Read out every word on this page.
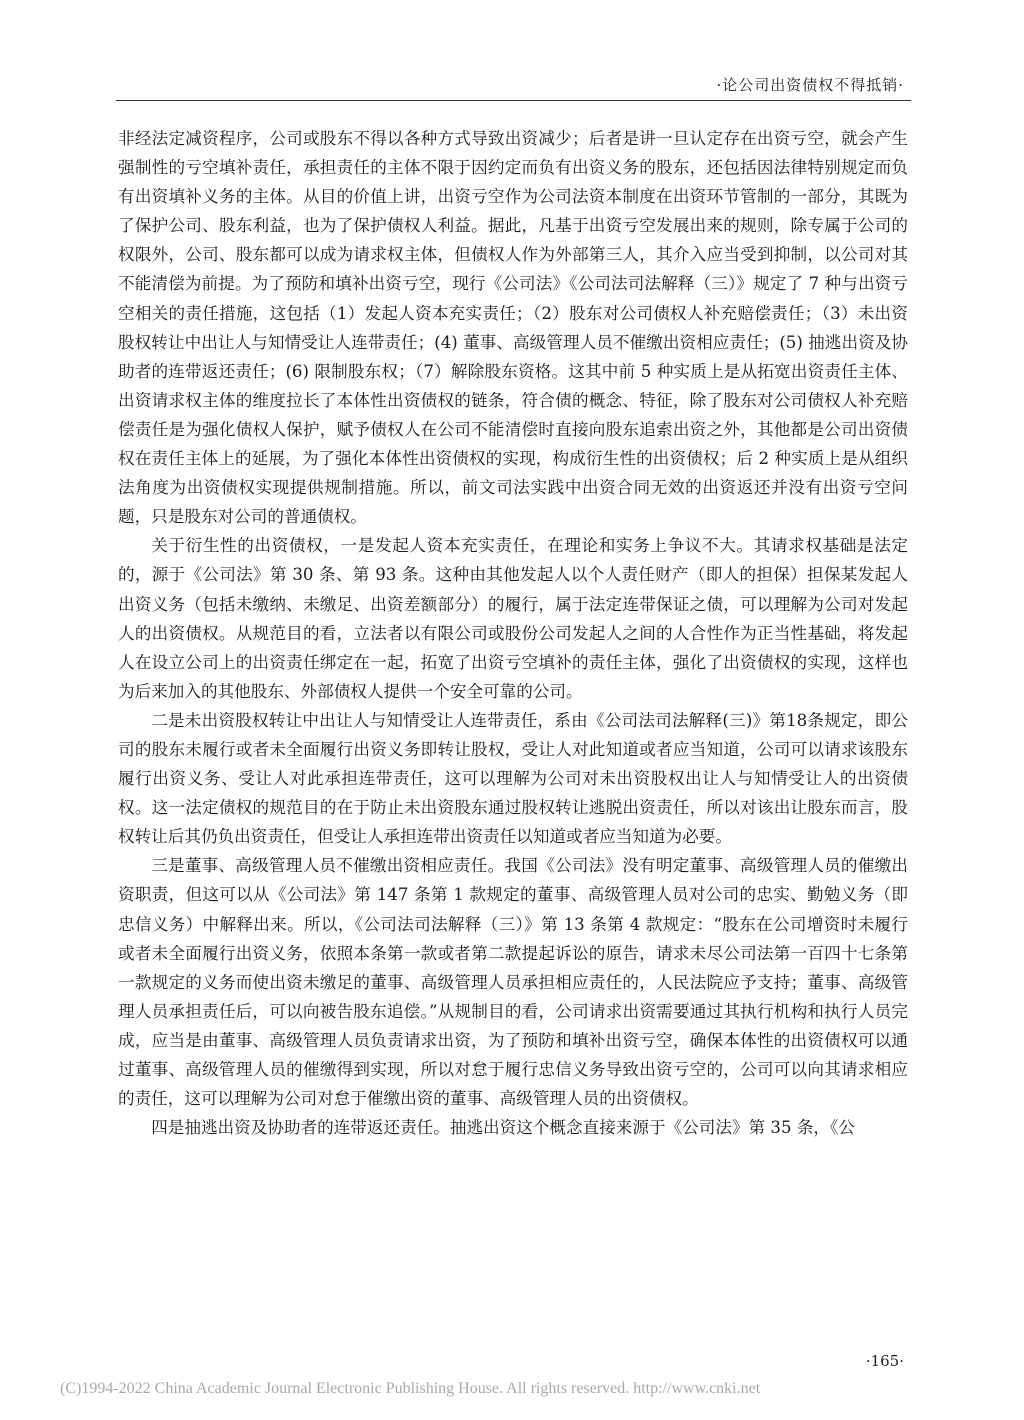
·论公司出资债权不得抵销·

非经法定减资程序，公司或股东不得以各种方式导致出资减少；后者是讲一旦认定存在出资亏空，就会产生强制性的亏空填补责任，承担责任的主体不限于因约定而负有出资义务的股东，还包括因法律特别规定而负有出资填补义务的主体。从目的价值上讲，出资亏空作为公司法资本制度在出资环节管制的一部分，其既为了保护公司、股东利益，也为了保护债权人利益。据此，凡基于出资亏空发展出来的规则，除专属于公司的权限外，公司、股东都可以成为请求权主体，但债权人作为外部第三人，其介入应当受到抑制，以公司对其不能清偿为前提。为了预防和填补出资亏空，现行《公司法》《公司法司法解释（三）》规定了 7 种与出资亏空相关的责任措施，这包括（1）发起人资本充实责任；（2）股东对公司债权人补充赔偿责任；（3）未出资股权转让中出让人与知情受让人连带责任；(4) 董事、高级管理人员不催缴出资相应责任；(5) 抽逃出资及协助者的连带返还责任；(6) 限制股东权；（7）解除股东资格。这其中前 5 种实质上是从拓宽出资责任主体、出资请求权主体的维度拉长了本体性出资债权的链条，符合债的概念、特征，除了股东对公司债权人补充赔偿责任是为强化债权人保护，赋予债权人在公司不能清偿时直接向股东追索出资之外，其他都是公司出资债权在责任主体上的延展，为了强化本体性出资债权的实现，构成衍生性的出资债权；后 2 种实质上是从组织法角度为出资债权实现提供规制措施。所以，前文司法实践中出资合同无效的出资返还并没有出资亏空问题，只是股东对公司的普通债权。

关于衍生性的出资债权，一是发起人资本充实责任，在理论和实务上争议不大。其请求权基础是法定的，源于《公司法》第 30 条、第 93 条。这种由其他发起人以个人责任财产（即人的担保）担保某发起人出资义务（包括未缴纳、未缴足、出资差额部分）的履行，属于法定连带保证之债，可以理解为公司对发起人的出资债权。从规范目的看，立法者以有限公司或股份公司发起人之间的人合性作为正当性基础，将发起人在设立公司上的出资责任绑定在一起，拓宽了出资亏空填补的责任主体，强化了出资债权的实现，这样也为后来加入的其他股东、外部债权人提供一个安全可靠的公司。

二是未出资股权转让中出让人与知情受让人连带责任，系由《公司法司法解释(三)》第18条规定，即公司的股东未履行或者未全面履行出资义务即转让股权，受让人对此知道或者应当知道，公司可以请求该股东履行出资义务、受让人对此承担连带责任，这可以理解为公司对未出资股权出让人与知情受让人的出资债权。这一法定债权的规范目的在于防止未出资股东通过股权转让逃脱出资责任，所以对该出让股东而言，股权转让后其仍负出资责任，但受让人承担连带出资责任以知道或者应当知道为必要。

三是董事、高级管理人员不催缴出资相应责任。我国《公司法》没有明定董事、高级管理人员的催缴出资职责，但这可以从《公司法》第 147 条第 1 款规定的董事、高级管理人员对公司的忠实、勤勉义务（即忠信义务）中解释出来。所以，《公司法司法解释（三）》第 13 条第 4 款规定：“股东在公司增资时未履行或者未全面履行出资义务，依照本条第一款或者第二款提起诉讼的原告，请求未尽公司法第一百四十七条第一款规定的义务而使出资未缴足的董事、高级管理人员承担相应责任的，人民法院应予支持；董事、高级管理人员承担责任后，可以向被告股东追偿。”从规制目的看，公司请求出资需要通过其执行机构和执行人员完成，应当是由董事、高级管理人员负责请求出资，为了预防和填补出资亏空，确保本体性的出资债权可以通过董事、高级管理人员的催缴得到实现，所以对怠于履行忠信义务导致出资亏空的，公司可以向其请求相应的责任，这可以理解为公司对怠于催缴出资的董事、高级管理人员的出资债权。

四是抽逃出资及协助者的连带返还责任。抽逃出资这个概念直接来源于《公司法》第 35 条，《公

·165·
(C)1994-2022 China Academic Journal Electronic Publishing House. All rights reserved. http://www.cnki.net
